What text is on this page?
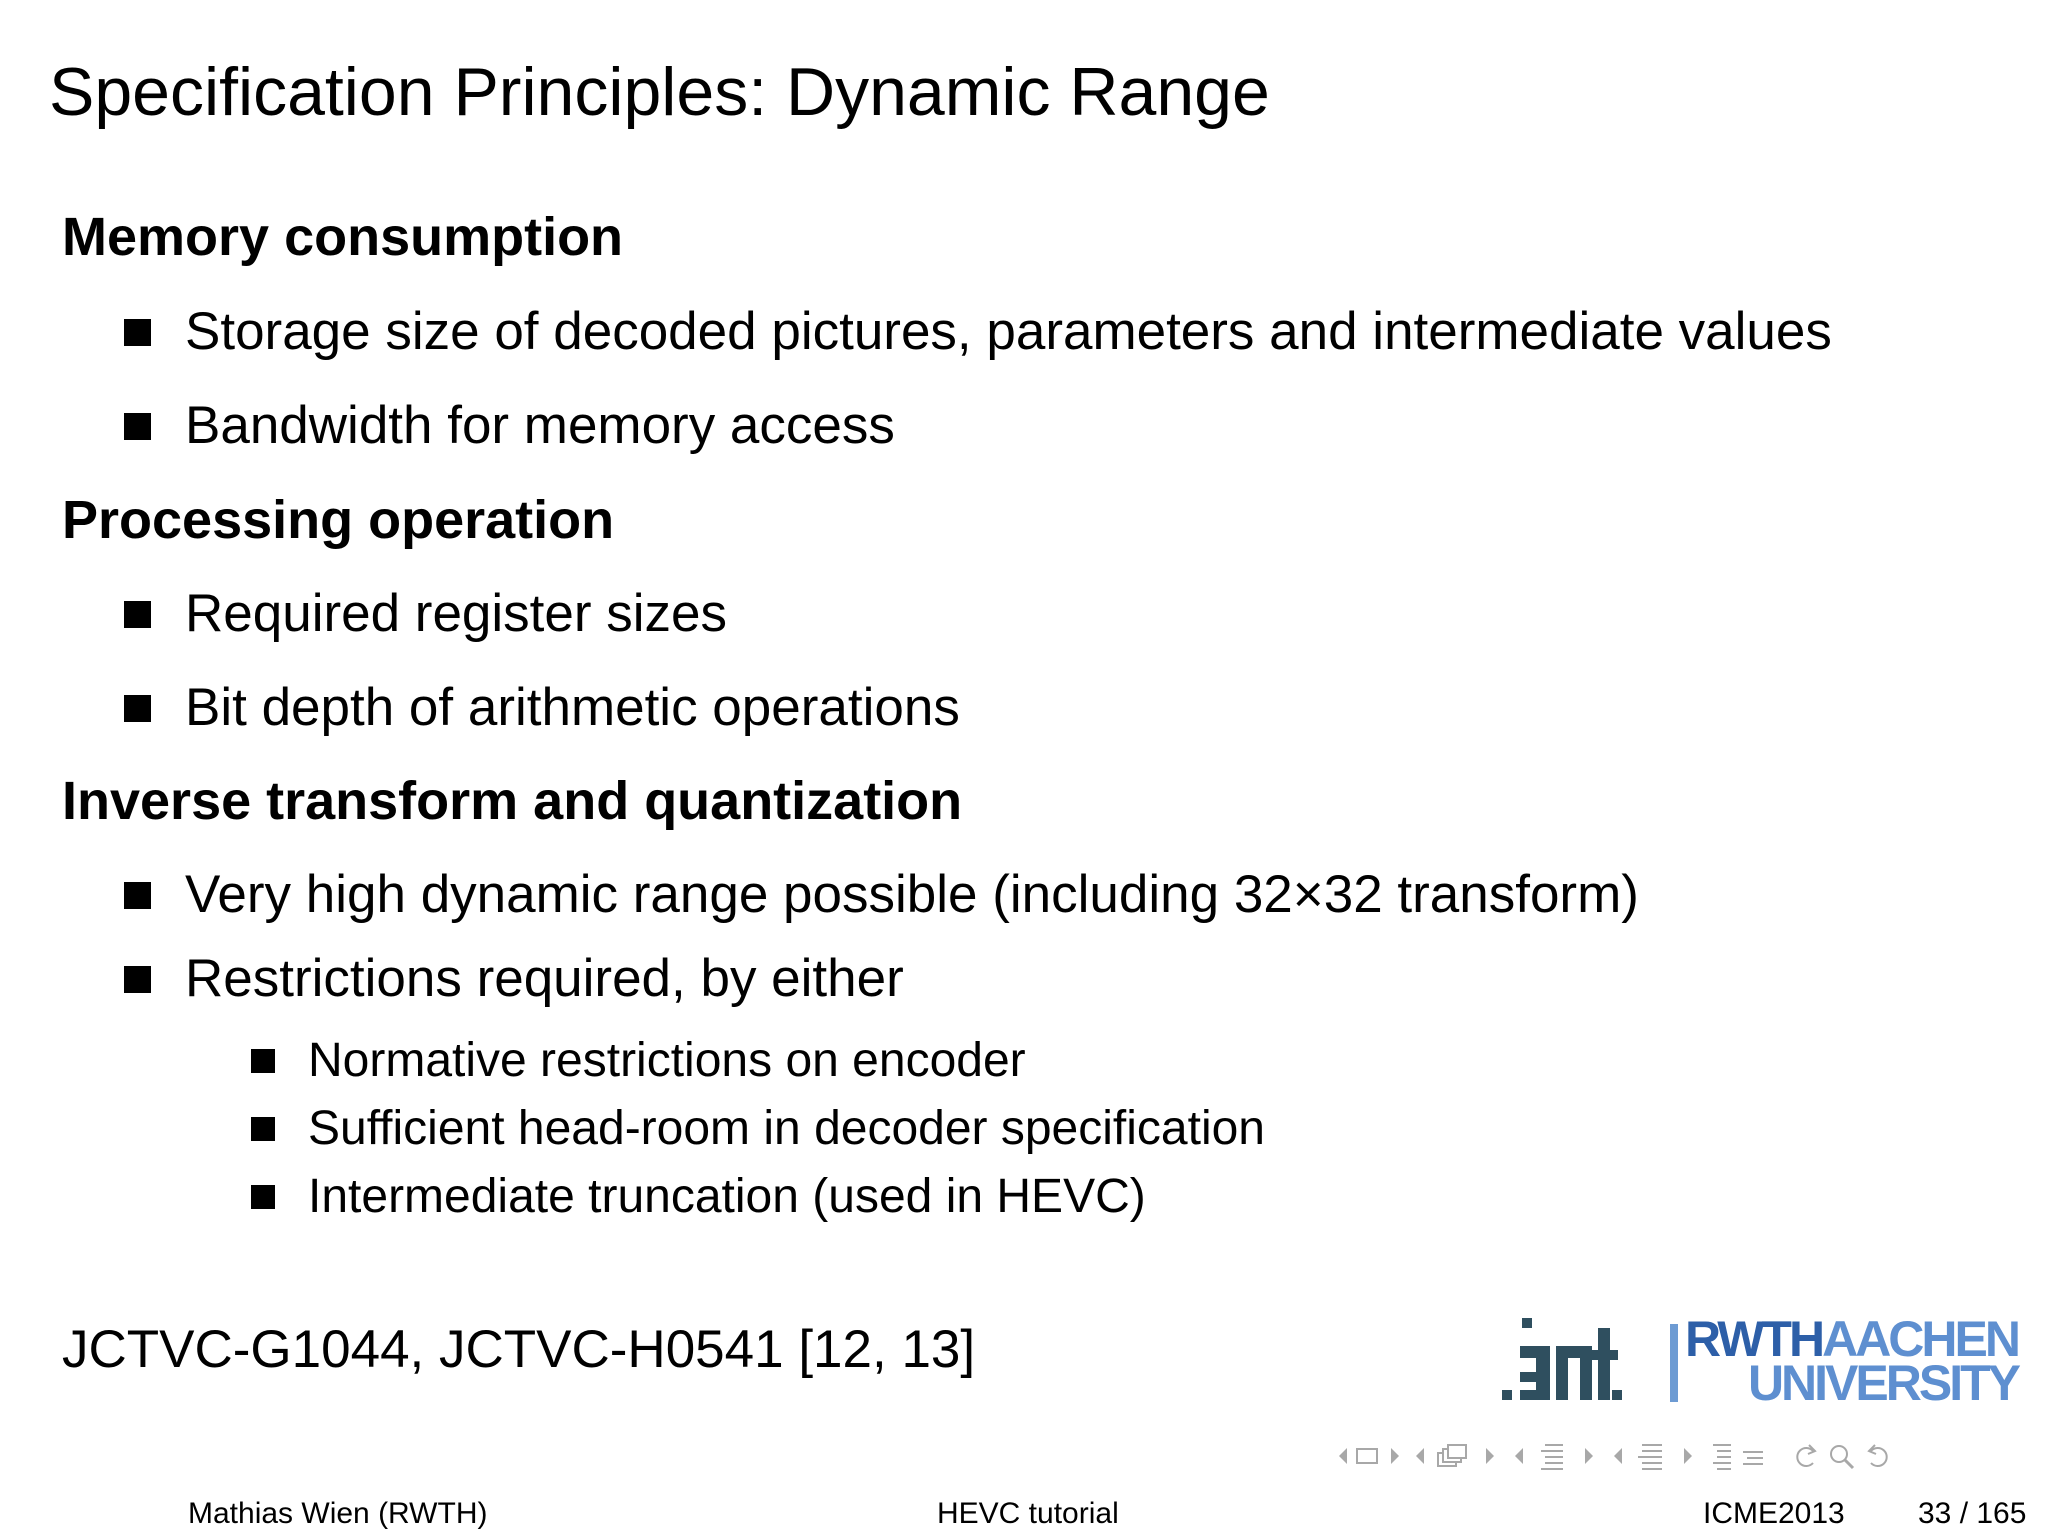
Specification Principles: Dynamic Range
Memory consumption
Storage size of decoded pictures, parameters and intermediate values
Bandwidth for memory access
Processing operation
Required register sizes
Bit depth of arithmetic operations
Inverse transform and quantization
Very high dynamic range possible (including 32×32 transform)
Restrictions required, by either
Normative restrictions on encoder
Sufficient head-room in decoder specification
Intermediate truncation (used in HEVC)
JCTVC-G1044, JCTVC-H0541 [12, 13]	RWTHAACHEN
UNIVERSITY
Mathias Wien (RWTH)	HEVC tutorial	ICME2013 33 / 165
